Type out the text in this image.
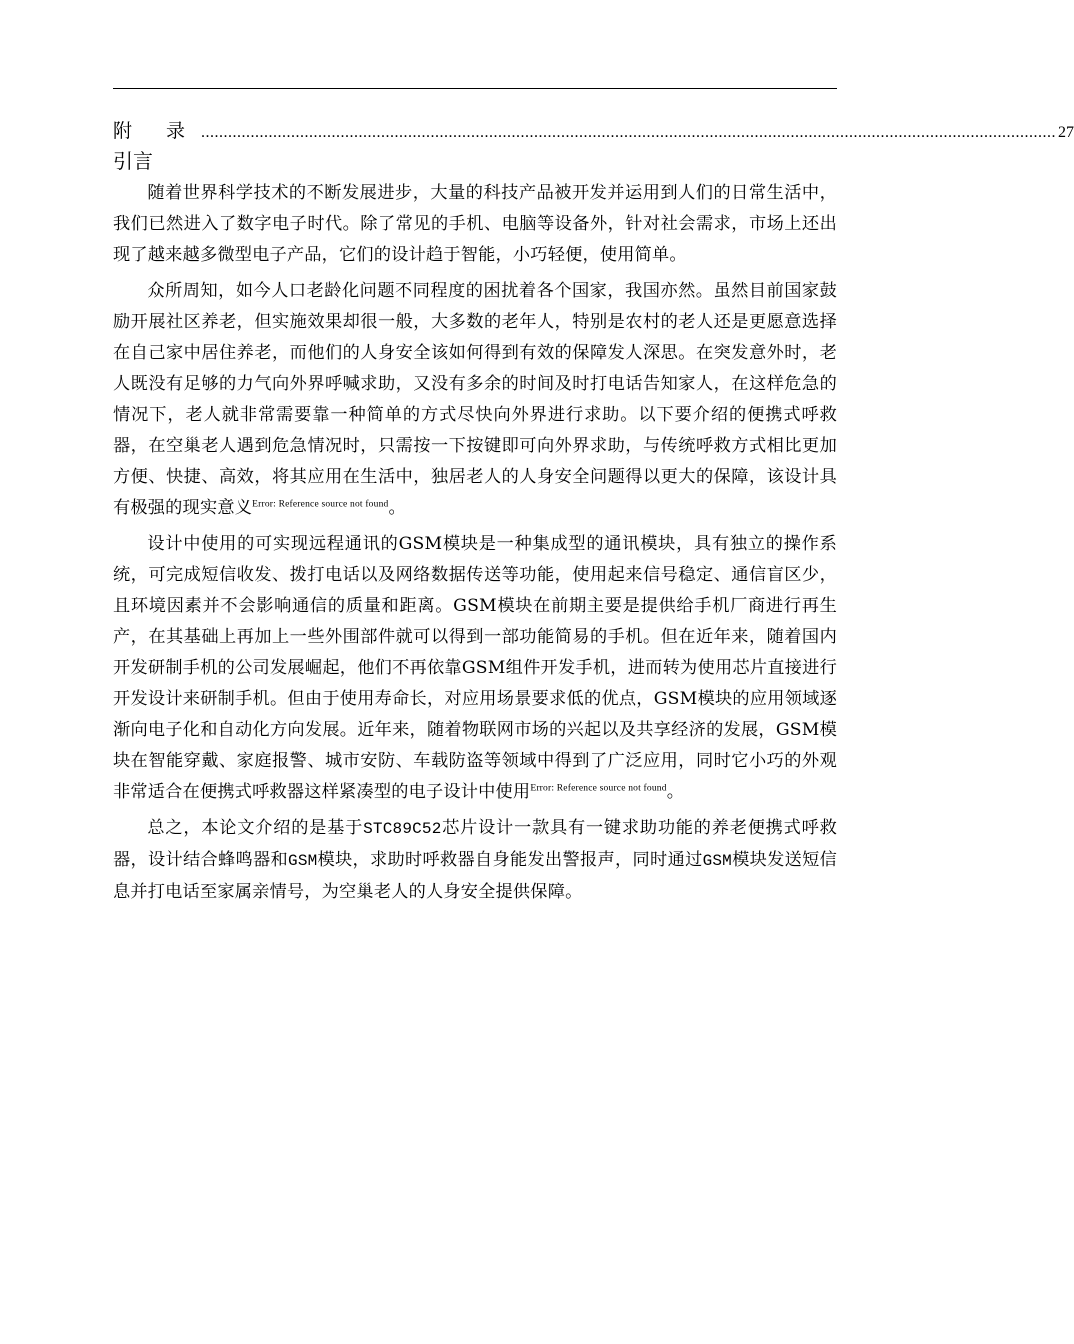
附 录 .............................................................................................................................................................................................. 27
引言

随着世界科学技术的不断发展进步，大量的科技产品被开发并运用到人们的日常生活中，我们已然进入了数字电子时代。除了常见的手机、电脑等设备外，针对社会需求，市场上还出现了越来越多微型电子产品，它们的设计趋于智能，小巧轻便，使用简单。

众所周知，如今人口老龄化问题不同程度的困扰着各个国家，我国亦然。虽然目前国家鼓励开展社区养老，但实施效果却很一般，大多数的老年人，特别是农村的老人还是更愿意选择在自己家中居住养老，而他们的人身安全该如何得到有效的保障发人深思。在突发意外时，老人既没有足够的力气向外界呼喊求助，又没有多余的时间及时打电话告知家人，在这样危急的情况下，老人就非常需要靠一种简单的方式尽快向外界进行求助。以下要介绍的便携式呼救器，在空巢老人遇到危急情况时，只需按一下按键即可向外界求助，与传统呼救方式相比更加方便、快捷、高效，将其应用在生活中，独居老人的人身安全问题得以更大的保障，该设计具有极强的现实意义$^{Error: Reference source not found}$。

设计中使用的可实现远程通讯的GSM模块是一种集成型的通讯模块，具有独立的操作系统，可完成短信收发、拨打电话以及网络数据传送等功能，使用起来信号稳定、通信盲区少，且环境因素并不会影响通信的质量和距离。GSM模块在前期主要是提供给手机厂商进行再生产，在其基础上再加上一些外围部件就可以得到一部功能简易的手机。但在近年来，随着国内开发研制手机的公司发展崛起，他们不再依靠GSM组件开发手机，进而转为使用芯片直接进行开发设计来研制手机。但由于使用寿命长，对应用场景要求低的优点，GSM模块的应用领域逐渐向电子化和自动化方向发展。近年来，随着物联网市场的兴起以及共享经济的发展，GSM模块在智能穿戴、家庭报警、城市安防、车载防盗等领域中得到了广泛应用，同时它小巧的外观非常适合在便携式呼救器这样紧凑型的电子设计中使用$^{Error: Reference source not found}$。

总之，本论文介绍的是基于STC89C52芯片设计一款具有一键求助功能的养老便携式呼救器，设计结合蜂鸣器和GSM模块，求助时呼救器自身能发出警报声，同时通过GSM模块发送短信息并打电话至家属亲情号，为空巢老人的人身安全提供保障。
